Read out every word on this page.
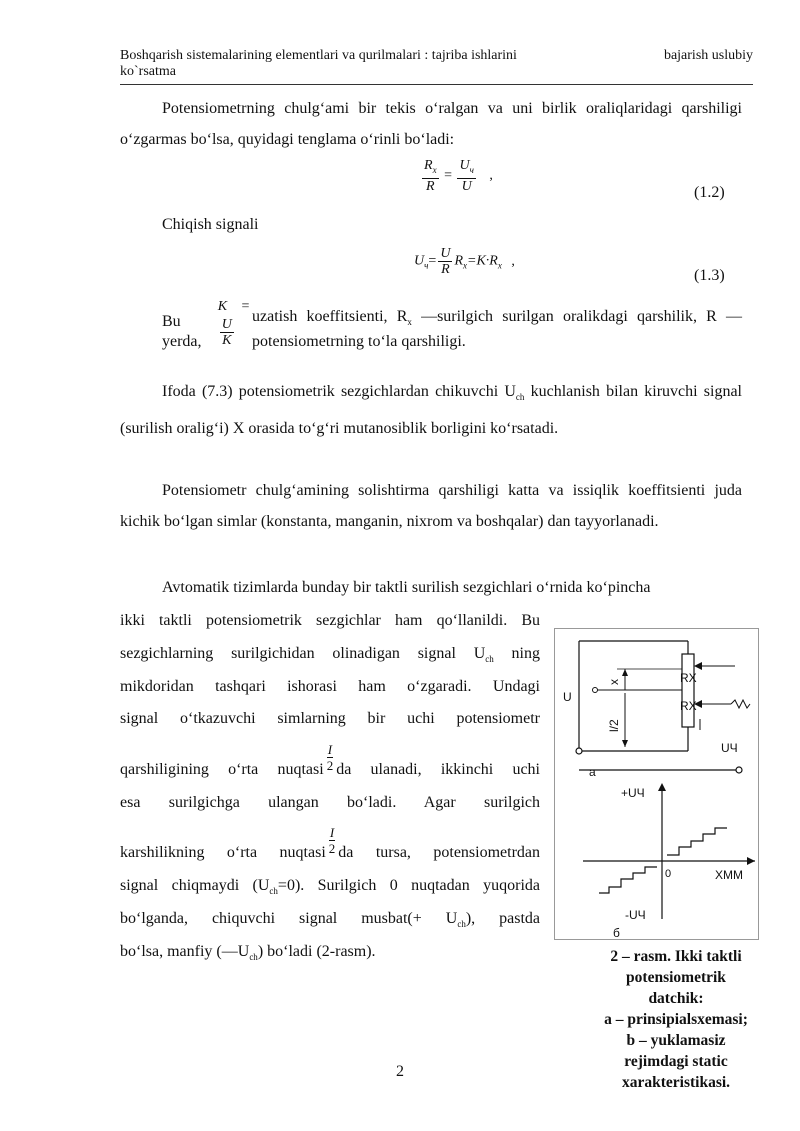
Boshqarish sistemalarining elementlari va qurilmalari : tajriba ishlarini	bajarish uslubiy
ko`rsatma
Potensiometrning chulg‘ami bir tekis o‘ralgan va uni birlik oraliqlaridagi qarshiligi o‘zgarmas bo‘lsa, quyidagi tenglama o‘rinli bo‘ladi:
$\frac{R_x}{R} = \frac{U_ч}{U}$ ,
(1.2)
Chiqish signali
$U_ч= \frac{U}{R} R_x=K\cdot R_x$ ,
(1.3)
Bu yerda,
K =
$\frac{U}{K}$
uzatish koeffitsienti, $R_x$ —surilgich surilgan oralikdagi qarshilik, R — potensiometrning to‘la qarshiligi.
Ifoda (7.3) potensiometrik sezgichlardan chikuvchi $U_{ch}$ kuchlanish bilan kiruvchi signal (surilish oralig‘i) X orasida to‘g‘ri mutanosiblik borligini ko‘rsatadi.
Potensiometr chulg‘amining solishtirma qarshiligi katta va issiqlik koeffitsienti juda kichik bo‘lgan simlar (konstanta, manganin, nixrom va boshqalar) dan tayyorlanadi.
Avtomatik tizimlarda bunday bir taktli surilish sezgichlari o‘rnida ko‘pincha
ikki taktli potensiometrik sezgichlar ham qo‘llanildi. Bu
sezgichlarning surilgichidan olinadigan signal $U_{ch}$ ning
mikdoridan tashqari ishorasi ham o‘zgaradi. Undagi
signal o‘tkazuvchi simlarning bir uchi potensiometr
qarshiligining o‘rta nuqtasi $\frac{I}{2}$ da ulanadi, ikkinchi uchi
esa surilgichga ulangan bo‘ladi. Agar surilgich
karshilikning o‘rta nuqtasi $\frac{I}{2}$ da tursa, potensiometrdan
signal chiqmaydi $(U_{ch}=0)$. Surilgich 0 nuqtadan yuqorida
bo‘lganda, chiquvchi signal musbat(+ $U_{ch}$), pastda
bo‘lsa, manfiy $(—U_{ch})$ bo‘ladi (2-rasm).
U
x
l/2
RX
RX
UЧ
a
+UЧ
0	XMM
-UЧ
б
2 – rasm. Ikki taktli
potensiometrik
datchik:
a – prinsipialsxemasi;
b – yuklamasiz
rejimdagi static
xarakteristikasi.
2
